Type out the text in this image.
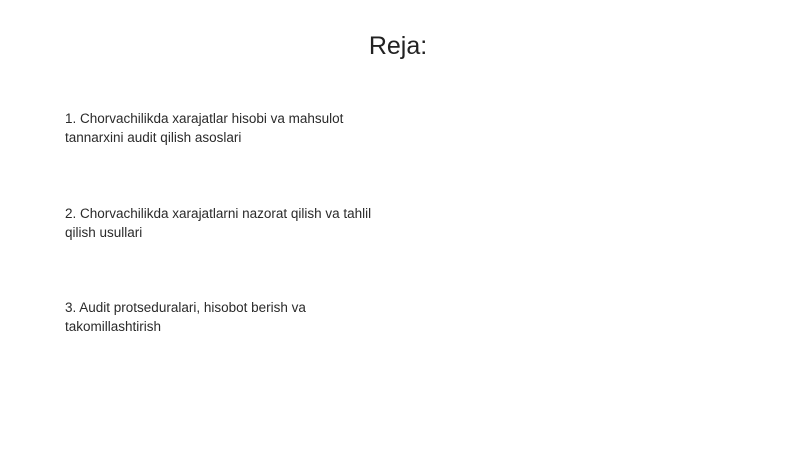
Reja:
1. Chorvachilikda xarajatlar hisobi va mahsulot tannarxini audit qilish asoslari
2. Chorvachilikda xarajatlarni nazorat qilish va tahlil qilish usullari
3. Audit protseduralari, hisobot berish va takomillashtirish
